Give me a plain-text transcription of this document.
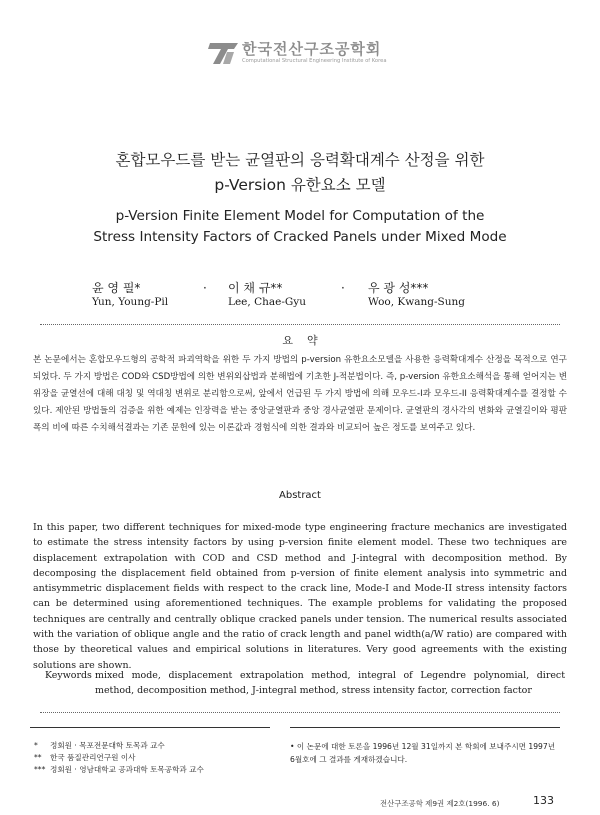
한국전산구조공학회
Computational Structural Engineering Institute of Korea
혼합모우드를 받는 균열판의 응력확대계수 산정을 위한
p-Version 유한요소 모델
p-Version Finite Element Model for Computation of the
Stress Intensity Factors of Cracked Panels under Mixed Mode
윤 영 필*
Yun, Young-Pil
· 이 채 규**
Lee, Chae-Gyu
· 우 광 성***
Woo, Kwang-Sung
요약
본 논문에서는 혼합모우드형의 공학적 파괴역학을 위한 두 가지 방법의 p-version 유한요소모델을 사용한 응력확대계수 산정을 목적으로 연구되었다. 두 가지 방법은 COD와 CSD방법에 의한 변위외삽법과 분해법에 기초한 J-적분법이다. 즉, p-version 유한요소해석을 통해 얻어지는 변위장을 균열선에 대해 대칭 및 역대칭 변위로 분리함으로써, 앞에서 언급된 두 가지 방법에 의해 모우드-I과 모우드-II 응력확대계수를 결정할 수 있다. 제안된 방법들의 검증을 위한 예제는 인장력을 받는 중앙균열판과 중앙 경사균열판 문제이다. 균열판의 경사각의 변화와 균열길이와 평판 폭의 비에 따른 수치해석결과는 기존 문헌에 있는 이론값과 경험식에 의한 결과와 비교되어 높은 정도를 보여주고 있다.
Abstract
In this paper, two different techniques for mixed-mode type engineering fracture mechanics are investigated to estimate the stress intensity factors by using p-version finite element model. These two techniques are displacement extrapolation with COD and CSD method and J-integral with decomposition method. By decomposing the displacement field obtained from p-version of finite element analysis into symmetric and antisymmetric displacement fields with respect to the crack line, Mode-I and Mode-II stress intensity factors can be determined using aforementioned techniques. The example problems for validating the proposed techniques are centrally and centrally oblique cracked panels under tension. The numerical results associated with the variation of oblique angle and the ratio of crack length and panel width(a/W ratio) are compared with those by theoretical values and empirical solutions in literatures. Very good agreements with the existing solutions are shown.
Keywords :
mixed mode, displacement extrapolation method, integral of Legendre polynomial, direct method, decomposition method, J-integral method, stress intensity factor, correction factor
* 정회원 · 목포전문대학 토목과 교수
** 한국 품질관리연구원 이사
*** 정회원 · 영남대학교 공과대학 토목공학과 교수
• 이 논문에 대한 토론을 1996년 12월 31일까지 본 학회에 보내주시면 1997년 6월호에 그 결과를 게재하겠습니다.
전산구조공학 제9권 제2호(1996. 6)	133
